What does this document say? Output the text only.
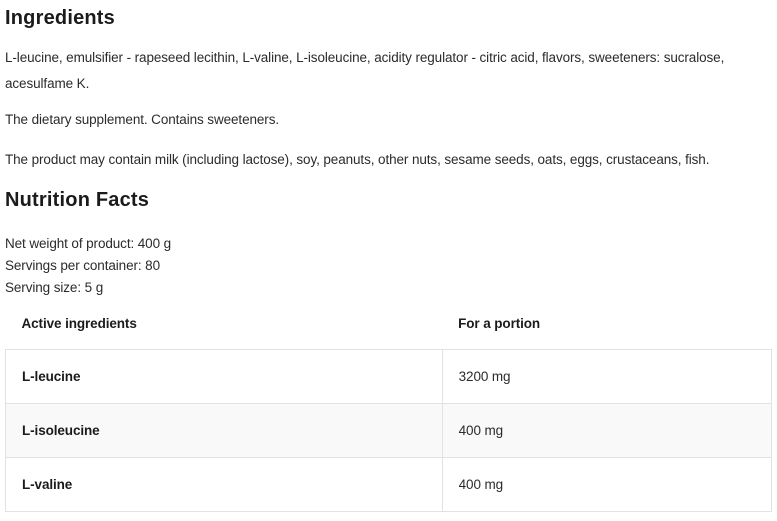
Ingredients

L-leucine, emulsifier - rapeseed lecithin, L-valine, L-isoleucine, acidity regulator - citric acid, flavors, sweeteners: sucralose, acesulfame K.

The dietary supplement. Contains sweeteners.

The product may contain milk (including lactose), soy, peanuts, other nuts, sesame seeds, oats, eggs, crustaceans, fish.

Nutrition Facts

Net weight of product: 400 g

Servings per container: 80

Serving size: 5 g

Active ingredients	For a portion
L-leucine	3200 mg
L-isoleucine	400 mg
L-valine	400 mg
